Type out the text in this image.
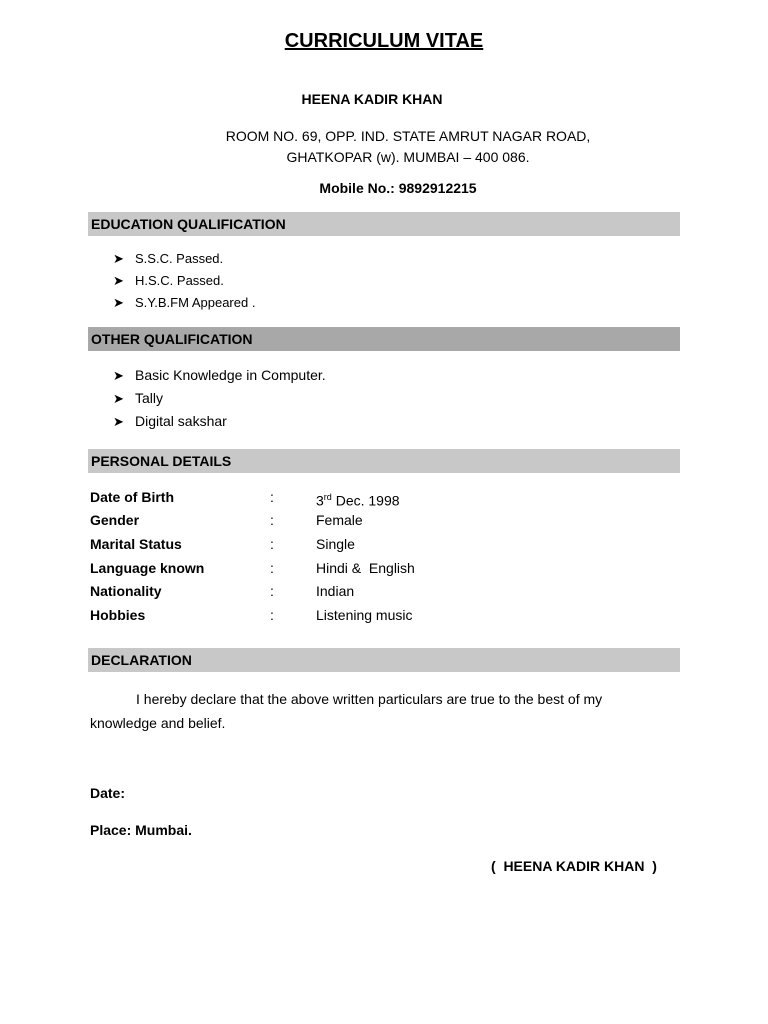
CURRICULUM VITAE
HEENA KADIR KHAN
ROOM NO. 69, OPP. IND. STATE AMRUT NAGAR ROAD,
GHATKOPAR (w). MUMBAI – 400 086.
Mobile No.: 9892912215
EDUCATION QUALIFICATION
➤ S.S.C. Passed.
➤ H.S.C. Passed.
➤ S.Y.B.FM Appeared .
OTHER QUALIFICATION
➤ Basic Knowledge in Computer.
➤ Tally
➤ Digital sakshar
PERSONAL DETAILS
Date of Birth	:	3rd Dec. 1998
Gender	:	Female
Marital Status	:	Single
Language known	:	Hindi &  English
Nationality	:	Indian
Hobbies	:	Listening music
DECLARATION
I hereby declare that the above written particulars are true to the best of my knowledge and belief.
Date:
Place: Mumbai.
(  HEENA KADIR KHAN  )
